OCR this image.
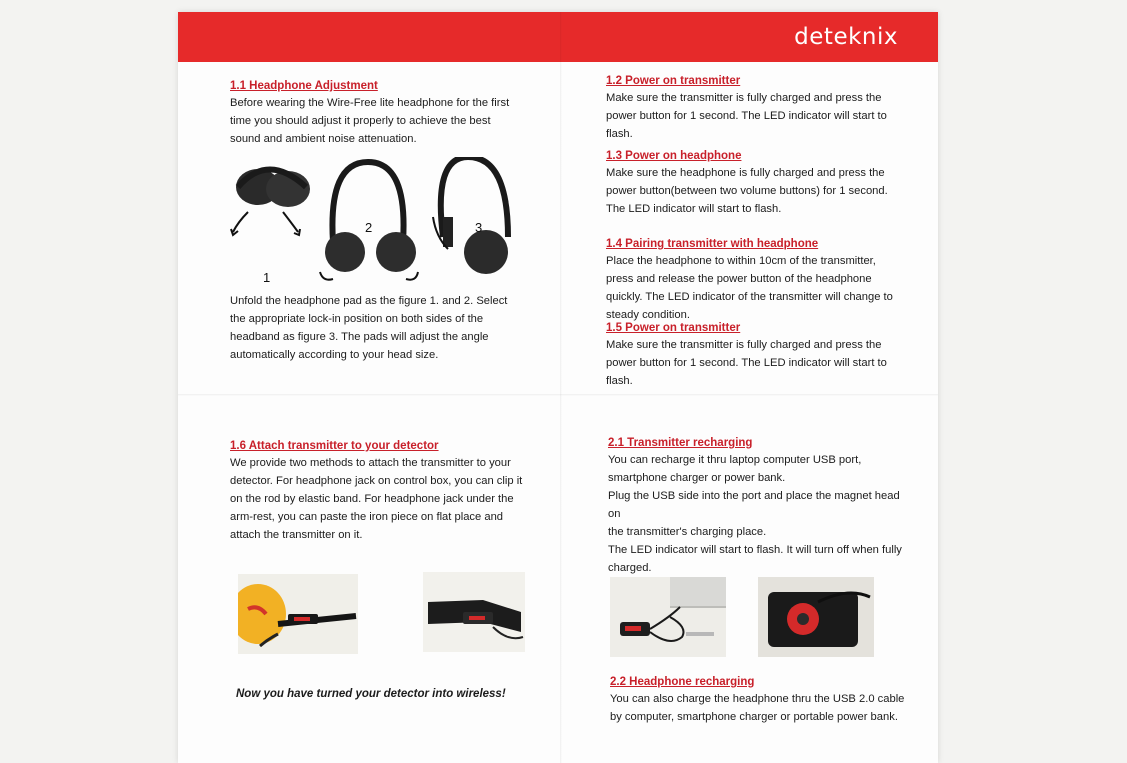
deteknix
1.1 Headphone Adjustment
Before wearing the Wire-Free lite headphone for the first time you should adjust it properly to achieve the best sound and ambient noise attenuation.
1
2	3
Unfold the headphone pad as the figure 1. and 2. Select the appropriate lock-in position on both sides of the headband as figure 3. The pads will adjust the angle automatically according to your head size.
1.2 Power on transmitter
Make sure the transmitter is fully charged and press the power button for 1 second. The LED indicator will start to flash.
1.3 Power on headphone
Make sure the headphone is fully charged and press the power button(between two volume buttons) for 1 second. The LED indicator will start to flash.
1.4 Pairing transmitter with headphone
Place the headphone to within 10cm of the transmitter, press and release the power button of the headphone quickly. The LED indicator of the transmitter will change to steady condition.
1.5 Power on transmitter
Make sure the transmitter is fully charged and press the power button for 1 second. The LED indicator will start to flash.
1.6 Attach transmitter to your detector
We provide two methods to attach the transmitter to your detector. For headphone jack on control box, you can clip it on the rod by elastic band. For headphone jack under the arm-rest, you can paste the iron piece on flat place and attach the transmitter on it.
Now you have turned your detector into wireless!
2.1 Transmitter recharging
You can recharge it thru laptop computer USB port,
smartphone charger or power bank.
Plug the USB side into the port and place the magnet head on
the transmitter's charging place.
The LED indicator will start to flash. It will turn off when fully
charged.
2.2 Headphone recharging
You can also charge the headphone thru the USB 2.0 cable by computer, smartphone charger or portable power bank.
